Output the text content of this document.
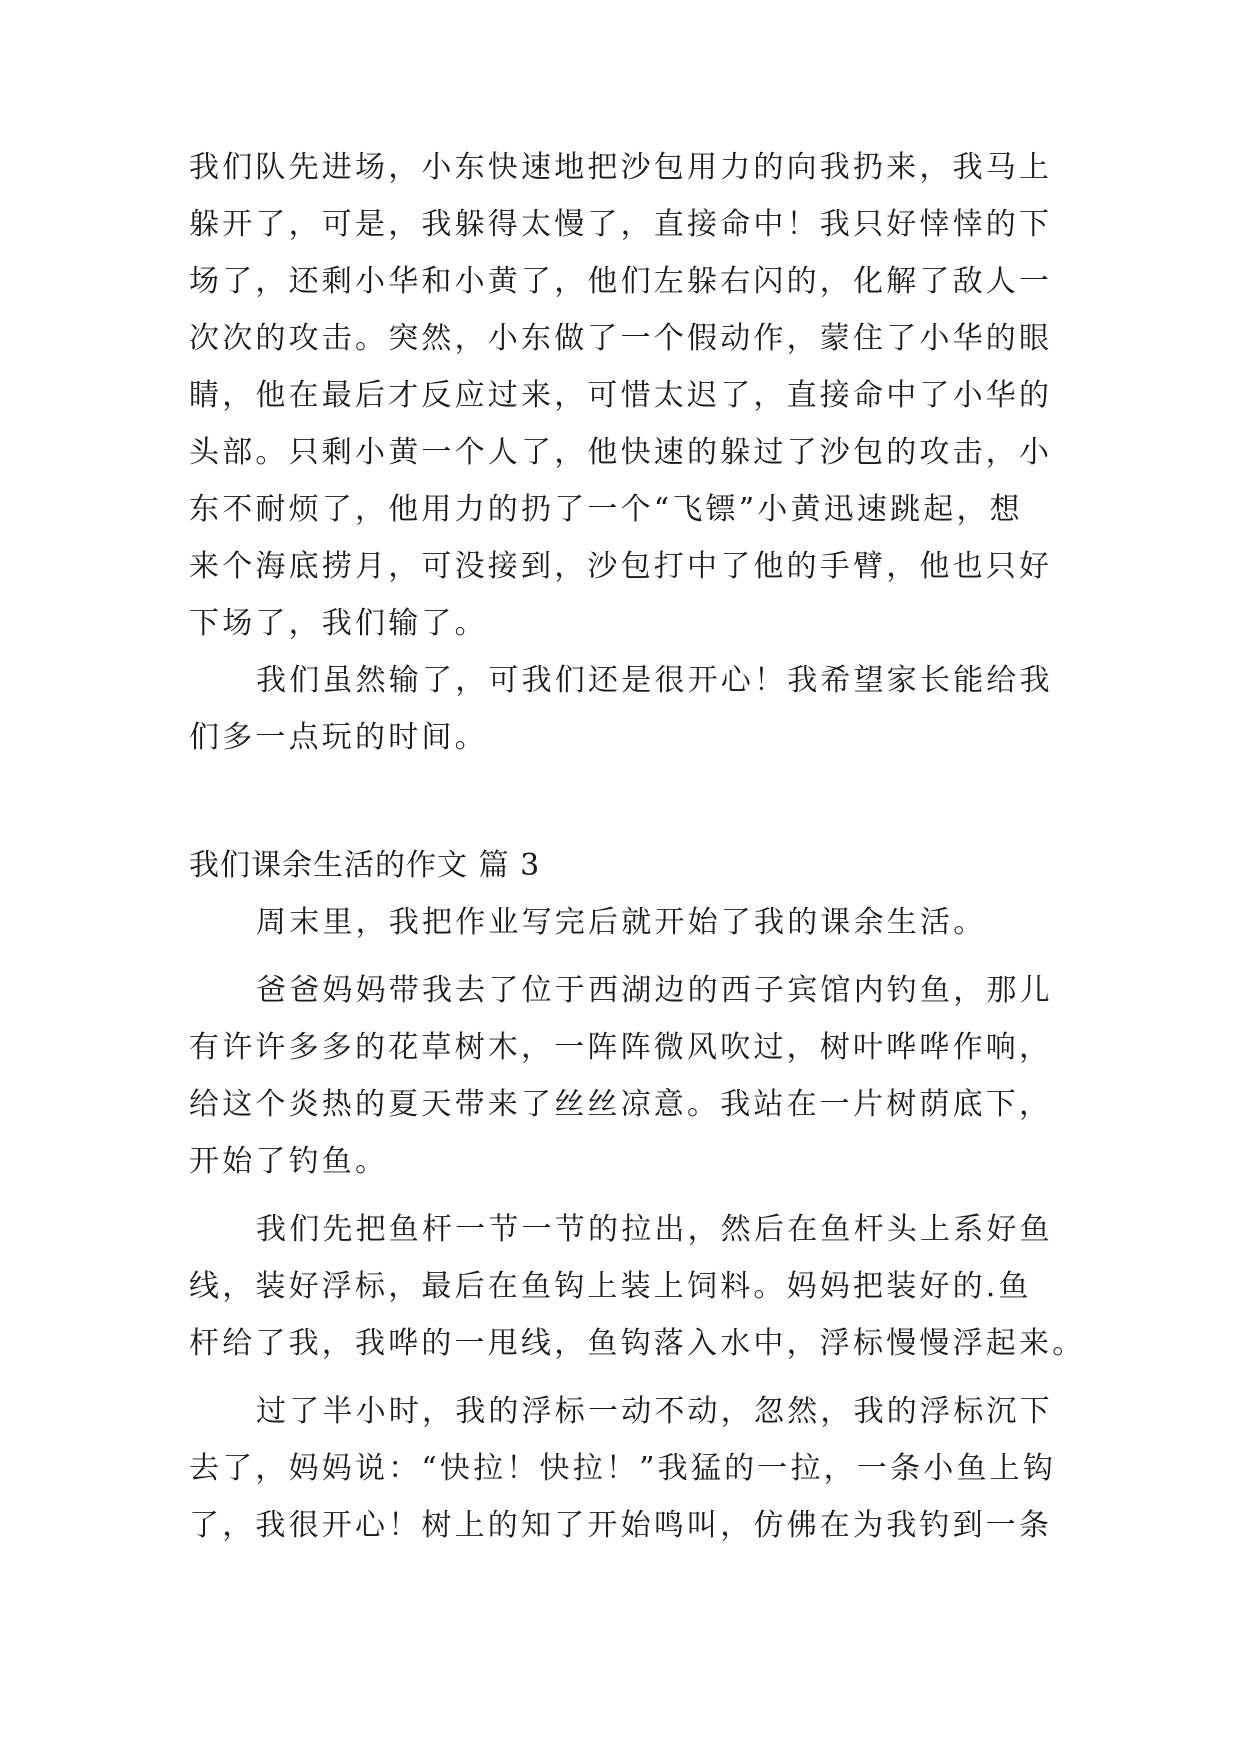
我们队先进场，小东快速地把沙包用力的向我扔来，我马上
躲开了，可是，我躲得太慢了，直接命中！我只好悻悻的下
场了，还剩小华和小黄了，他们左躲右闪的，化解了敌人一
次次的攻击。突然，小东做了一个假动作，蒙住了小华的眼
睛，他在最后才反应过来，可惜太迟了，直接命中了小华的
头部。只剩小黄一个人了，他快速的躲过了沙包的攻击，小
东不耐烦了，他用力的扔了一个“飞镖”小黄迅速跳起，想
来个海底捞月，可没接到，沙包打中了他的手臂，他也只好
下场了，我们输了。
我们虽然输了，可我们还是很开心！我希望家长能给我
们多一点玩的时间。
我们课余生活的作文 篇 3
周末里，我把作业写完后就开始了我的课余生活。
爸爸妈妈带我去了位于西湖边的西子宾馆内钓鱼，那儿
有许许多多的花草树木，一阵阵微风吹过，树叶哗哗作响，
给这个炎热的夏天带来了丝丝凉意。我站在一片树荫底下，
开始了钓鱼。
我们先把鱼杆一节一节的拉出，然后在鱼杆头上系好鱼
线，装好浮标，最后在鱼钩上装上饲料。妈妈把装好的.鱼
杆给了我，我哗的一甩线，鱼钩落入水中，浮标慢慢浮起来。
过了半小时，我的浮标一动不动，忽然，我的浮标沉下
去了，妈妈说：“快拉！快拉！”我猛的一拉，一条小鱼上钩
了，我很开心！树上的知了开始鸣叫，仿佛在为我钓到一条
